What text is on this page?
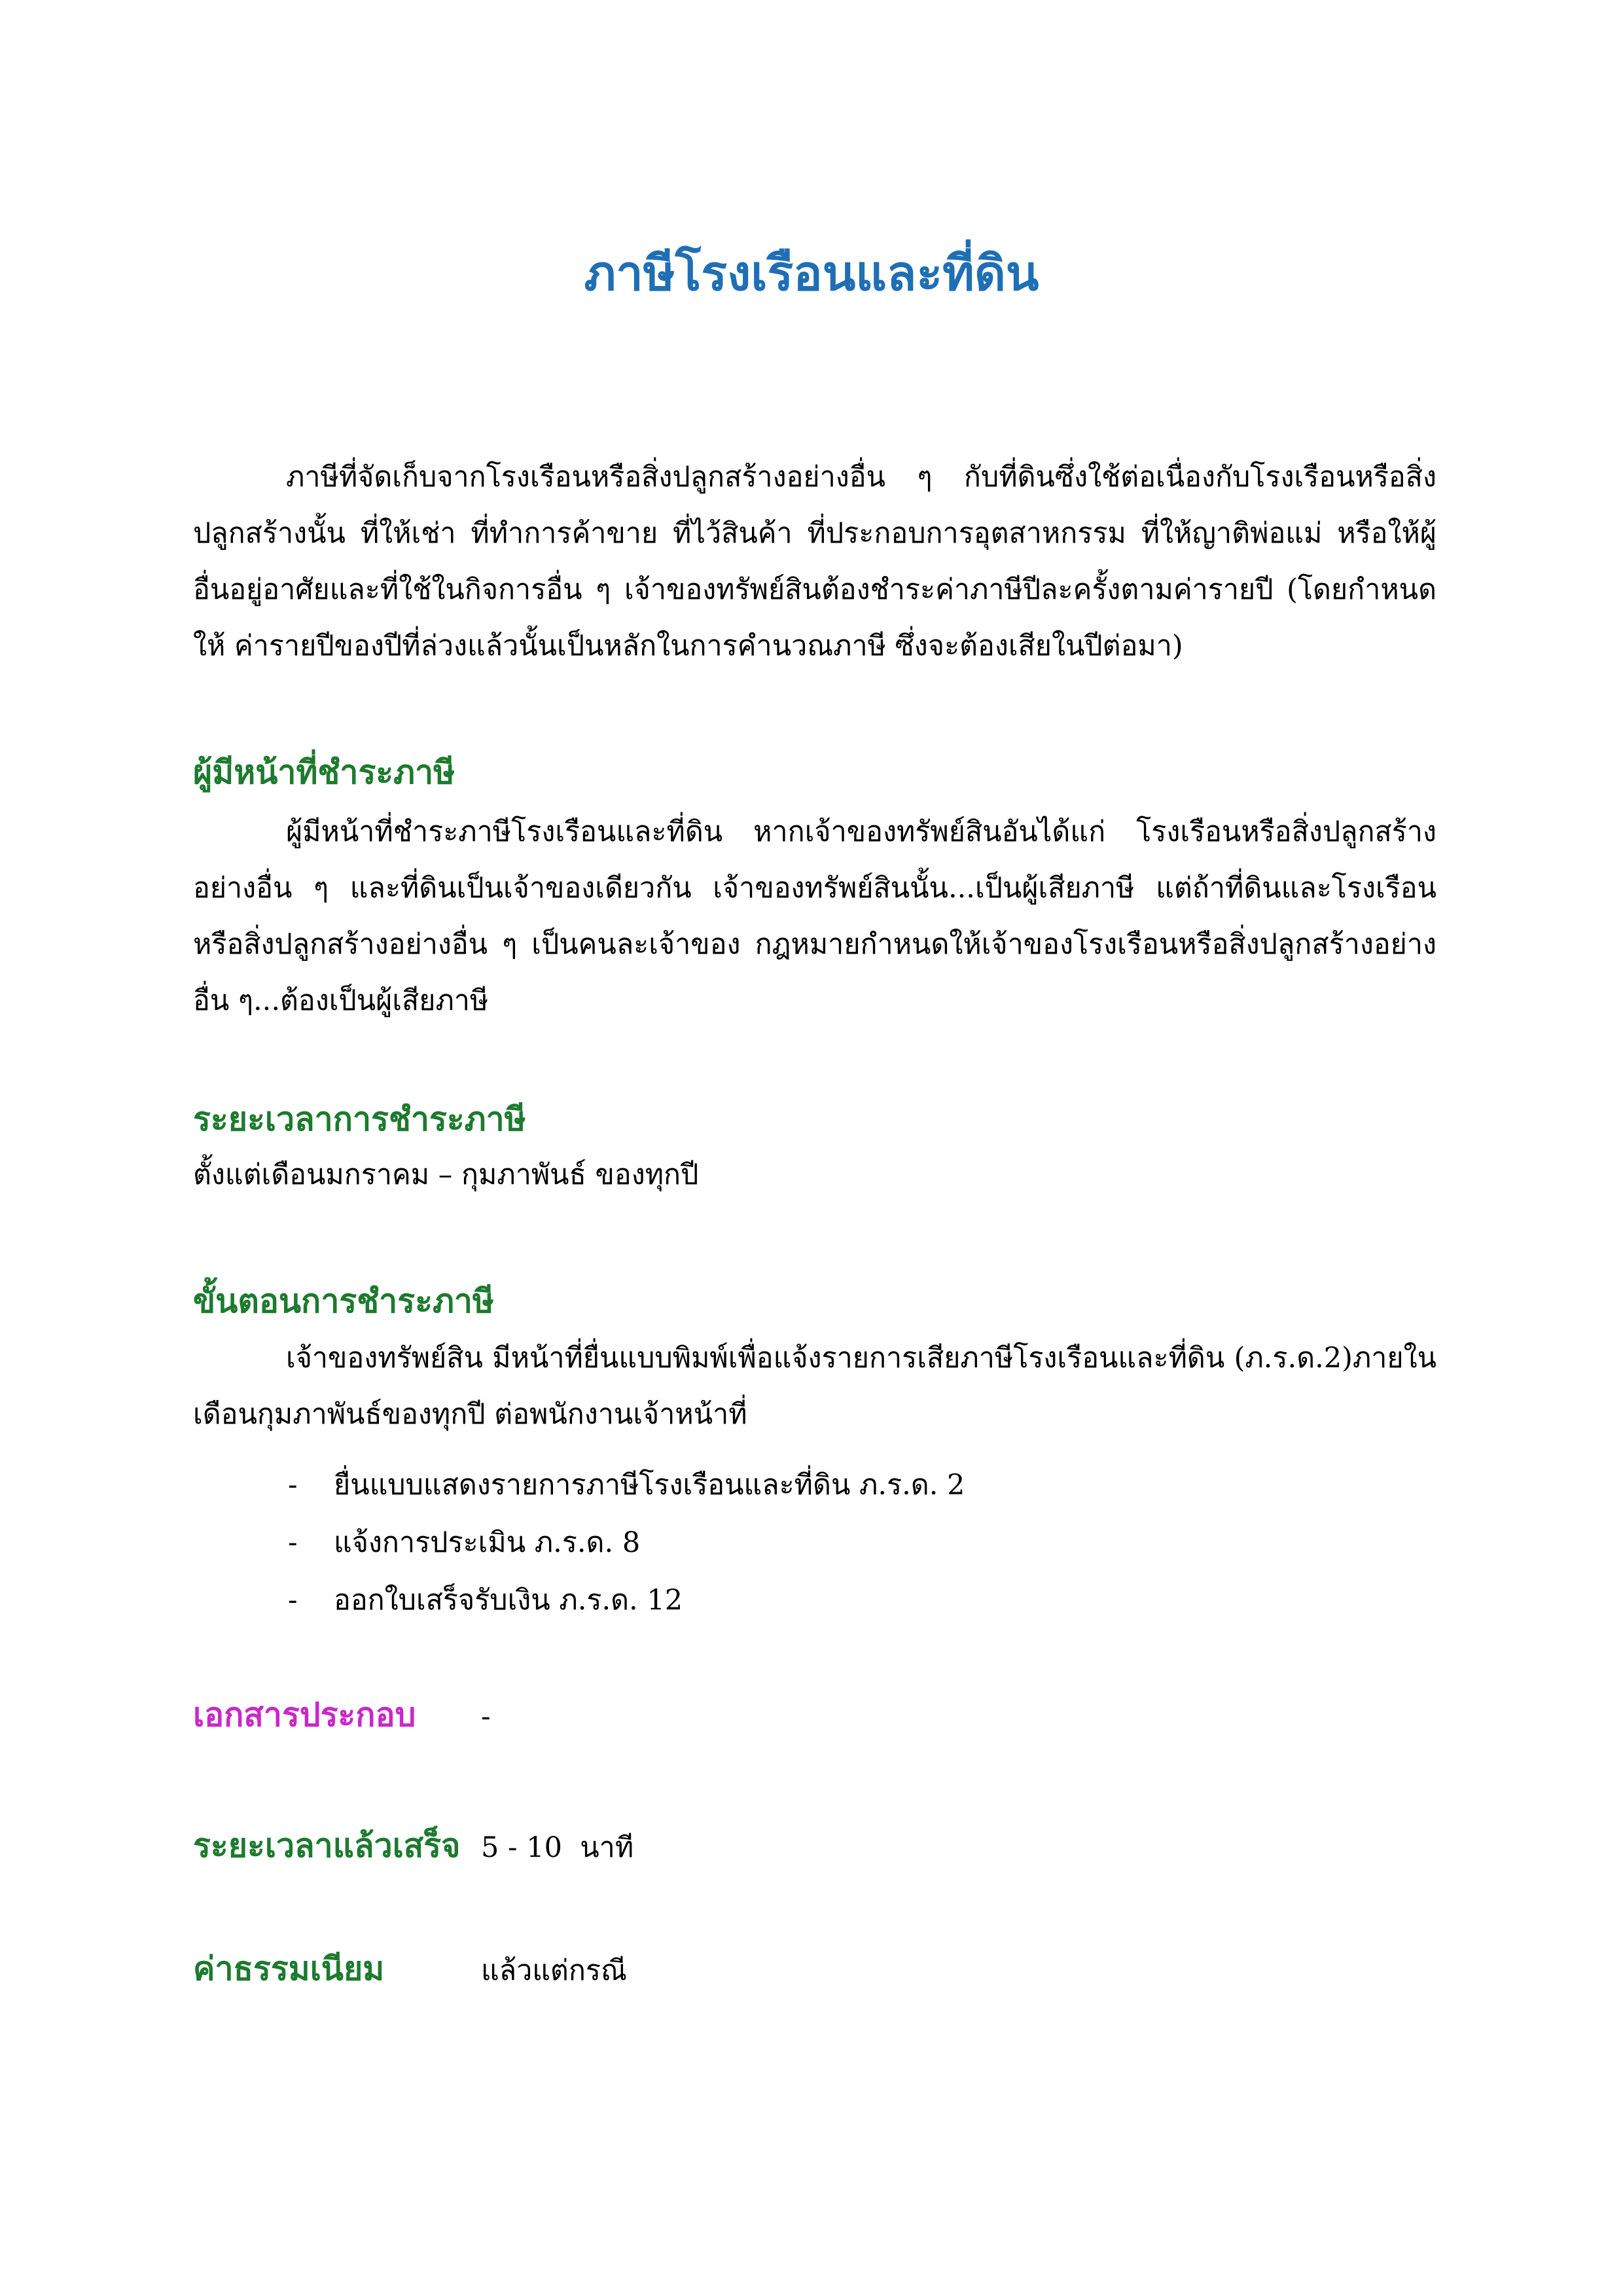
ภาษีโรงเรือนและที่ดิน
ภาษีที่จัดเก็บจากโรงเรือนหรือสิ่งปลูกสร้างอย่างอื่น ๆ กับที่ดินซึ่งใช้ต่อเนื่องกับโรงเรือนหรือสิ่งปลูกสร้างนั้น ที่ให้เช่า ที่ทำการค้าขาย ที่ไว้สินค้า ที่ประกอบการอุตสาหกรรม ที่ให้ญาติพ่อแม่ หรือให้ผู้อื่นอยู่อาศัยและที่ใช้ในกิจการอื่น ๆ เจ้าของทรัพย์สินต้องชำระค่าภาษีปีละครั้งตามค่ารายปี (โดยกำหนดให้ ค่ารายปีของปีที่ล่วงแล้วนั้นเป็นหลักในการคำนวณภาษี ซึ่งจะต้องเสียในปีต่อมา)
ผู้มีหน้าที่ชำระภาษี
ผู้มีหน้าที่ชำระภาษีโรงเรือนและที่ดิน หากเจ้าของทรัพย์สินอันได้แก่ โรงเรือนหรือสิ่งปลูกสร้างอย่างอื่น ๆ และที่ดินเป็นเจ้าของเดียวกัน เจ้าของทรัพย์สินนั้น...เป็นผู้เสียภาษี แต่ถ้าที่ดินและโรงเรือนหรือสิ่งปลูกสร้างอย่างอื่น ๆ เป็นคนละเจ้าของ กฎหมายกำหนดให้เจ้าของโรงเรือนหรือสิ่งปลูกสร้างอย่างอื่น ๆ...ต้องเป็นผู้เสียภาษี
ระยะเวลาการชำระภาษี
ตั้งแต่เดือนมกราคม – กุมภาพันธ์ ของทุกปี
ขั้นตอนการชำระภาษี
เจ้าของทรัพย์สิน มีหน้าที่ยื่นแบบพิมพ์เพื่อแจ้งรายการเสียภาษีโรงเรือนและที่ดิน (ภ.ร.ด.2)ภายในเดือนกุมภาพันธ์ของทุกปี ต่อพนักงานเจ้าหน้าที่
-	ยื่นแบบแสดงรายการภาษีโรงเรือนและที่ดิน ภ.ร.ด. 2
-	แจ้งการประเมิน ภ.ร.ด. 8
-	ออกใบเสร็จรับเงิน ภ.ร.ด. 12
เอกสารประกอบ	-
ระยะเวลาแล้วเสร็จ 5 - 10  นาที
ค่าธรรมเนียม	แล้วแต่กรณี
